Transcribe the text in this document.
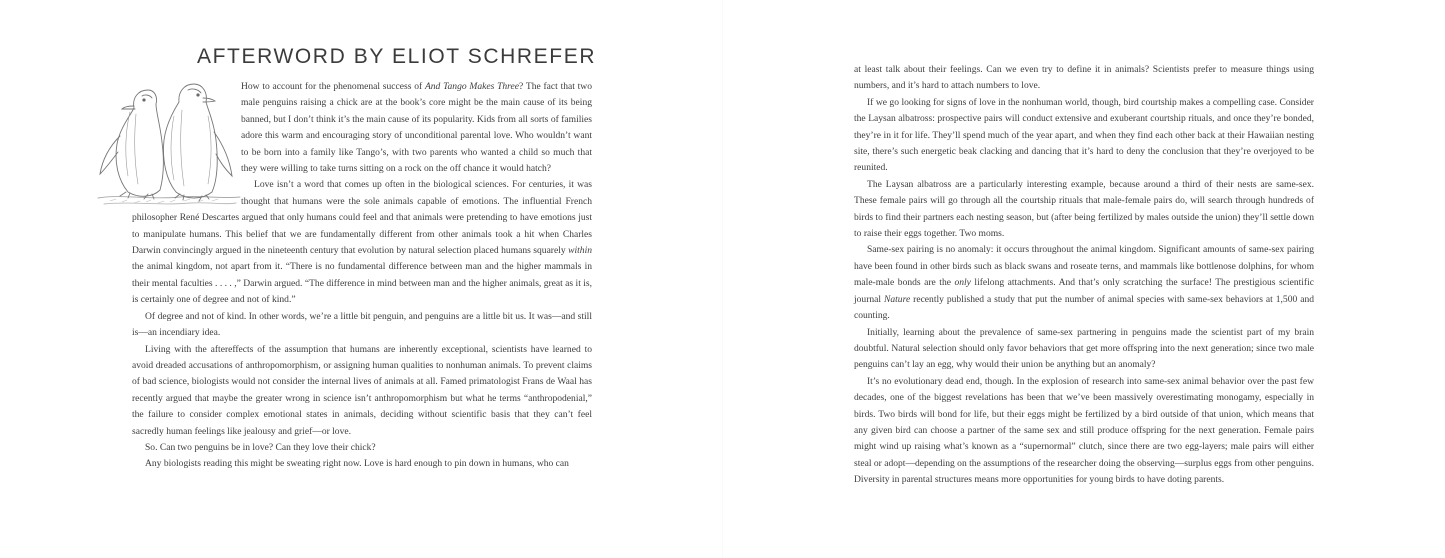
AFTERWORD BY ELIOT SCHREFER

How to account for the phenomenal success of And Tango Makes Three? The fact that two male penguins raising a chick are at the book’s core might be the main cause of its being banned, but I don’t think it’s the main cause of its popularity. Kids from all sorts of families adore this warm and encouraging story of unconditional parental love. Who wouldn’t want to be born into a family like Tango’s, with two parents who wanted a child so much that they were willing to take turns sitting on a rock on the off chance it would hatch?

Love isn’t a word that comes up often in the biological sciences. For centuries, it was thought that humans were the sole animals capable of emotions. The influential French philosopher René Descartes argued that only humans could feel and that animals were pretending to have emotions just to manipulate humans. This belief that we are fundamentally different from other animals took a hit when Charles Darwin convincingly argued in the nineteenth century that evolution by natural selection placed humans squarely within the animal kingdom, not apart from it. “There is no fundamental difference between man and the higher mammals in their mental faculties . . . . ,” Darwin argued. “The difference in mind between man and the higher animals, great as it is, is certainly one of degree and not of kind.”

Of degree and not of kind. In other words, we’re a little bit penguin, and penguins are a little bit us. It was—and still is—an incendiary idea.

Living with the aftereffects of the assumption that humans are inherently exceptional, scientists have learned to avoid dreaded accusations of anthropomorphism, or assigning human qualities to nonhuman animals. To prevent claims of bad science, biologists would not consider the internal lives of animals at all. Famed primatologist Frans de Waal has recently argued that maybe the greater wrong in science isn’t anthropomorphism but what he terms “anthropodenial,” the failure to consider complex emotional states in animals, deciding without scientific basis that they can’t feel sacredly human feelings like jealousy and grief—or love.

So. Can two penguins be in love? Can they love their chick?

Any biologists reading this might be sweating right now. Love is hard enough to pin down in humans, who can

at least talk about their feelings. Can we even try to define it in animals? Scientists prefer to measure things using numbers, and it’s hard to attach numbers to love.

If we go looking for signs of love in the nonhuman world, though, bird courtship makes a compelling case. Consider the Laysan albatross: prospective pairs will conduct extensive and exuberant courtship rituals, and once they’re bonded, they’re in it for life. They’ll spend much of the year apart, and when they find each other back at their Hawaiian nesting site, there’s such energetic beak clacking and dancing that it’s hard to deny the conclusion that they’re overjoyed to be reunited.

The Laysan albatross are a particularly interesting example, because around a third of their nests are same-sex. These female pairs will go through all the courtship rituals that male-female pairs do, will search through hundreds of birds to find their partners each nesting season, but (after being fertilized by males outside the union) they’ll settle down to raise their eggs together. Two moms.

Same-sex pairing is no anomaly: it occurs throughout the animal kingdom. Significant amounts of same-sex pairing have been found in other birds such as black swans and roseate terns, and mammals like bottlenose dolphins, for whom male-male bonds are the only lifelong attachments. And that’s only scratching the surface! The prestigious scientific journal Nature recently published a study that put the number of animal species with same-sex behaviors at 1,500 and counting.

Initially, learning about the prevalence of same-sex partnering in penguins made the scientist part of my brain doubtful. Natural selection should only favor behaviors that get more offspring into the next generation; since two male penguins can’t lay an egg, why would their union be anything but an anomaly?

It’s no evolutionary dead end, though. In the explosion of research into same-sex animal behavior over the past few decades, one of the biggest revelations has been that we’ve been massively overestimating monogamy, especially in birds. Two birds will bond for life, but their eggs might be fertilized by a bird outside of that union, which means that any given bird can choose a partner of the same sex and still produce offspring for the next generation. Female pairs might wind up raising what’s known as a “supernormal” clutch, since there are two egg-layers; male pairs will either steal or adopt—depending on the assumptions of the researcher doing the observing—surplus eggs from other penguins. Diversity in parental structures means more opportunities for young birds to have doting parents.
